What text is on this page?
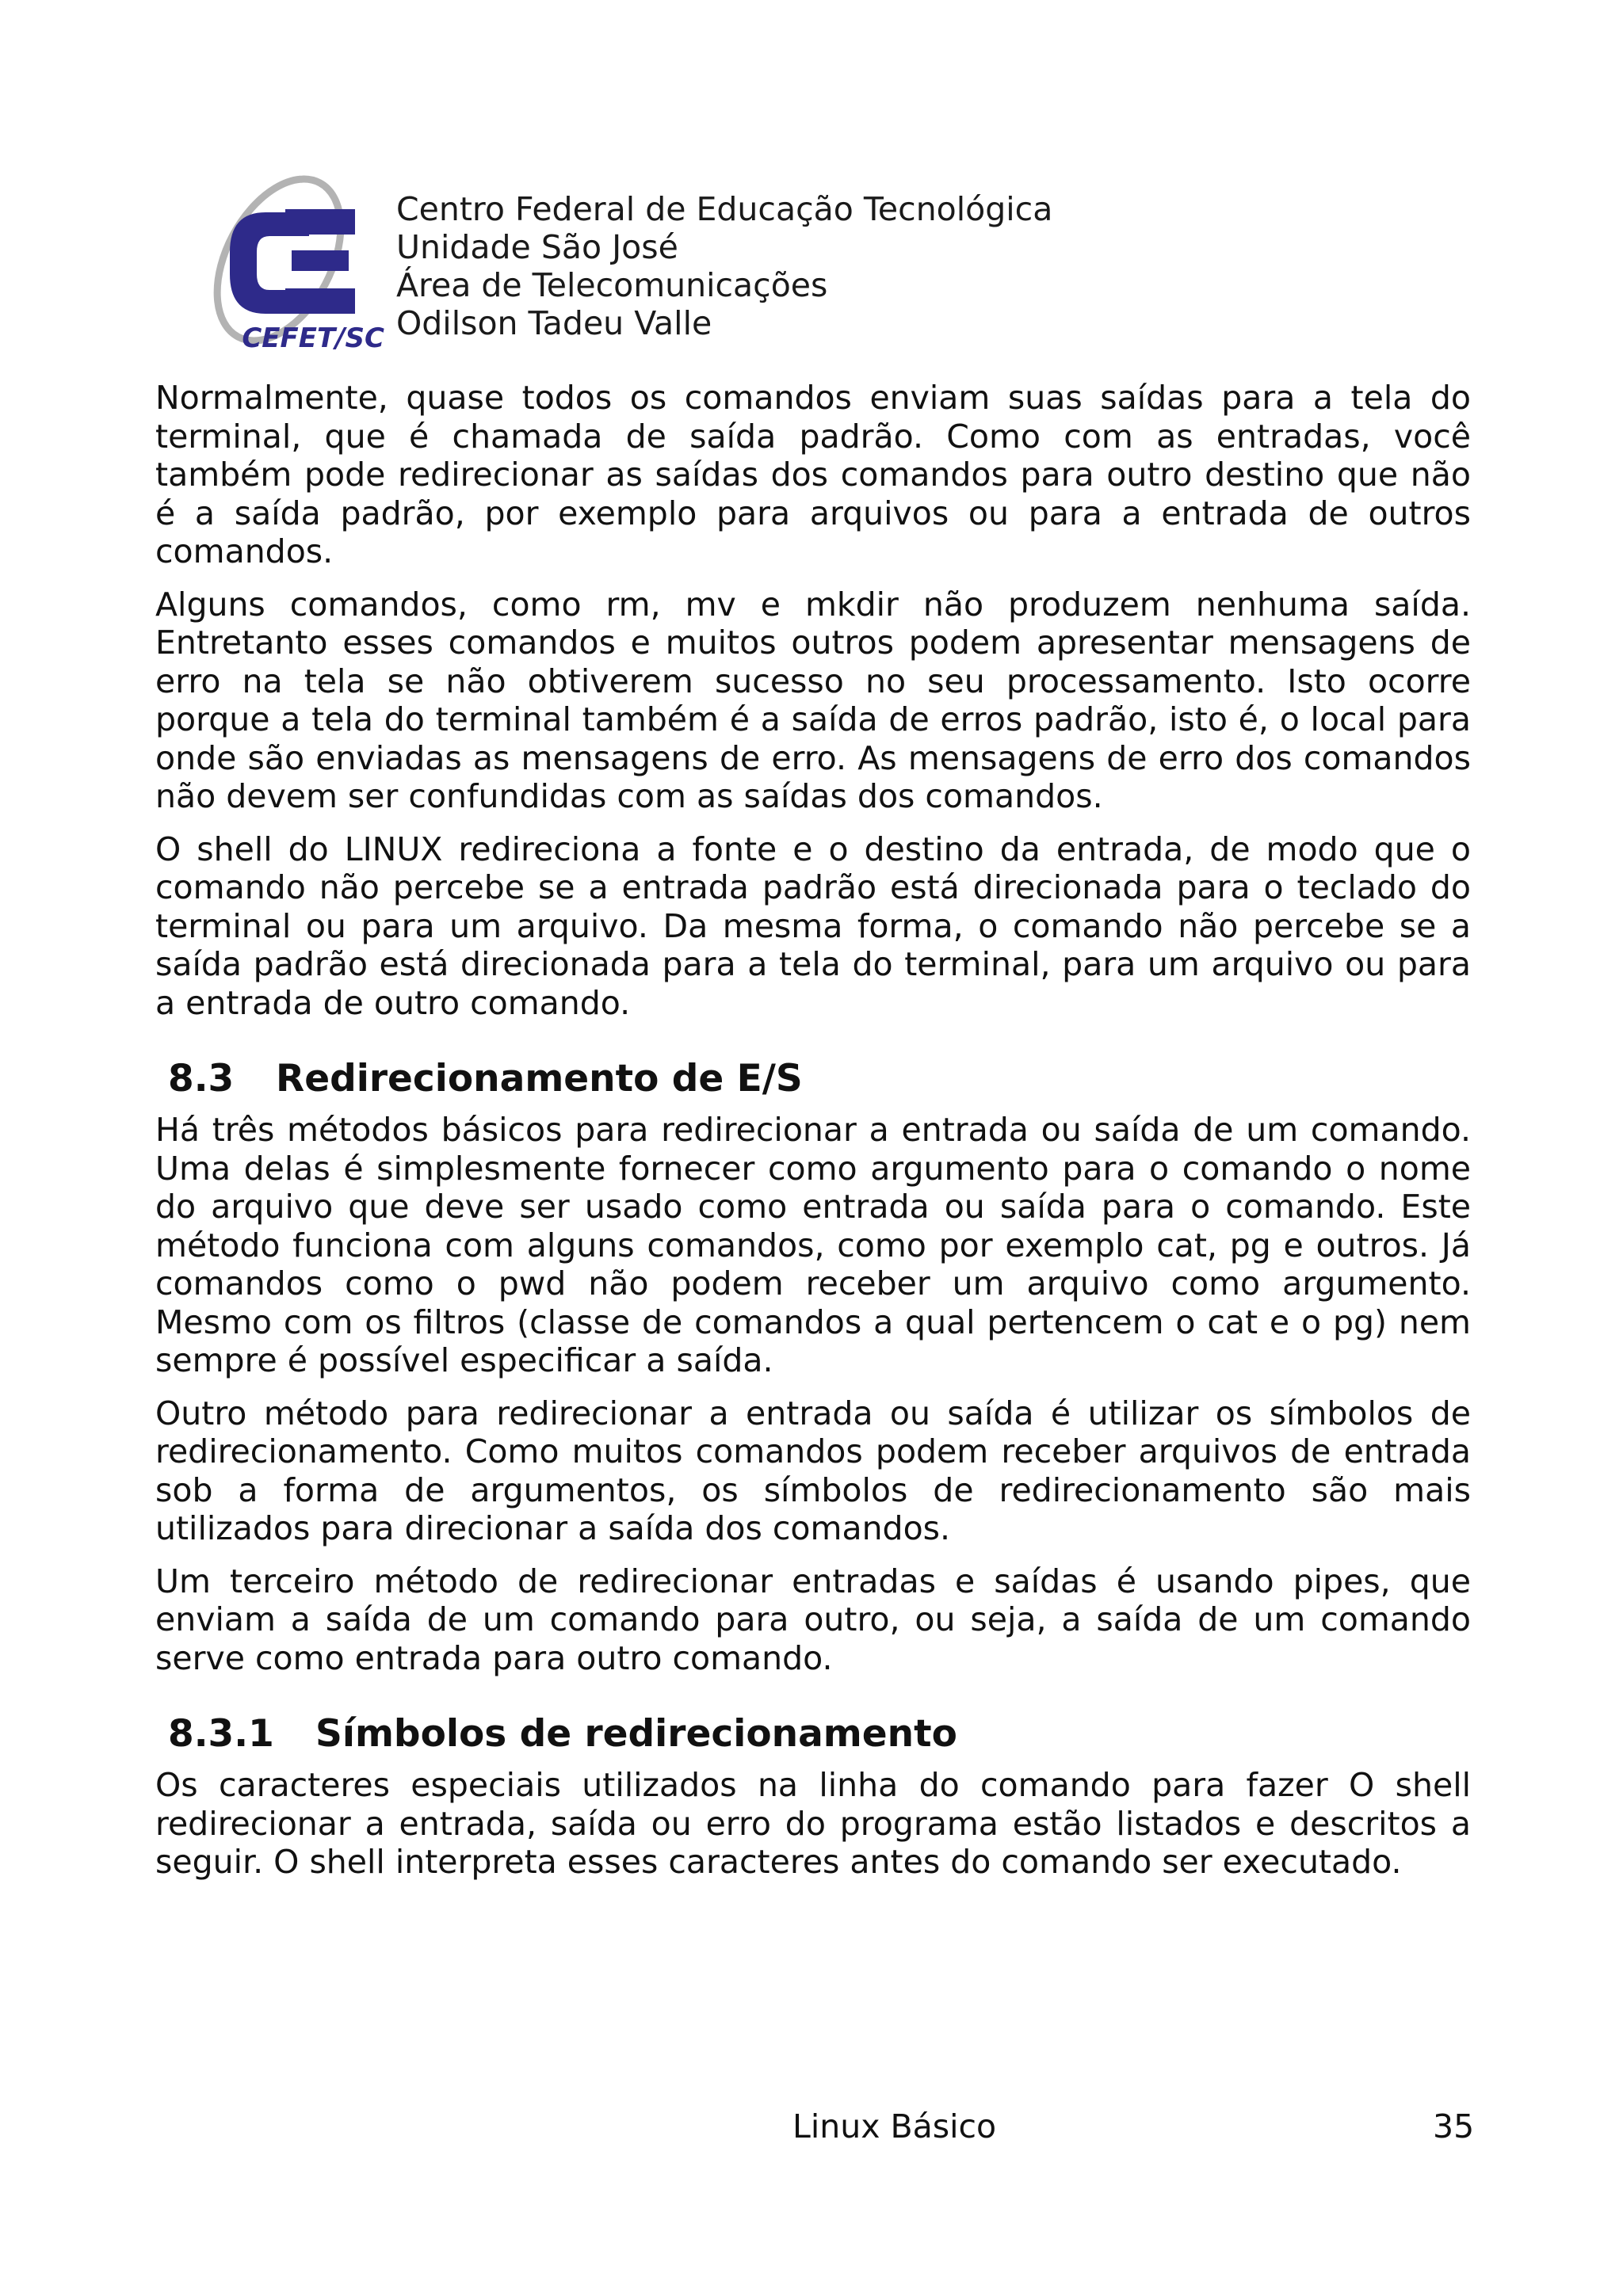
CEFET/SC
Centro Federal de Educação Tecnológica
Unidade São José
Área de Telecomunicações
Odilson Tadeu Valle

Normalmente, quase todos os comandos enviam suas saídas para a tela do terminal, que é chamada de saída padrão. Como com as entradas, você também pode redirecionar as saídas dos comandos para outro destino que não é a saída padrão, por exemplo para arquivos ou para a entrada de outros comandos.

Alguns comandos, como rm, mv e mkdir não produzem nenhuma saída. Entretanto esses comandos e muitos outros podem apresentar mensagens de erro na tela se não obtiverem sucesso no seu processamento. Isto ocorre porque a tela do terminal também é a saída de erros padrão, isto é, o local para onde são enviadas as mensagens de erro. As mensagens de erro dos comandos não devem ser confundidas com as saídas dos comandos.

O shell do LINUX redireciona a fonte e o destino da entrada, de modo que o comando não percebe se a entrada padrão está direcionada para o teclado do terminal ou para um arquivo. Da mesma forma, o comando não percebe se a saída padrão está direcionada para a tela do terminal, para um arquivo ou para a entrada de outro comando.

8.3 Redirecionamento de E/S

Há três métodos básicos para redirecionar a entrada ou saída de um comando. Uma delas é simplesmente fornecer como argumento para o comando o nome do arquivo que deve ser usado como entrada ou saída para o comando. Este método funciona com alguns comandos, como por exemplo cat, pg e outros. Já comandos como o pwd não podem receber um arquivo como argumento. Mesmo com os filtros (classe de comandos a qual pertencem o cat e o pg) nem sempre é possível especificar a saída.

Outro método para redirecionar a entrada ou saída é utilizar os símbolos de redirecionamento. Como muitos comandos podem receber arquivos de entrada sob a forma de argumentos, os símbolos de redirecionamento são mais utilizados para direcionar a saída dos comandos.

Um terceiro método de redirecionar entradas e saídas é usando pipes, que enviam a saída de um comando para outro, ou seja, a saída de um comando serve como entrada para outro comando.

8.3.1 Símbolos de redirecionamento

Os caracteres especiais utilizados na linha do comando para fazer O shell redirecionar a entrada, saída ou erro do programa estão listados e descritos a seguir. O shell interpreta esses caracteres antes do comando ser executado.

Linux Básico	35
